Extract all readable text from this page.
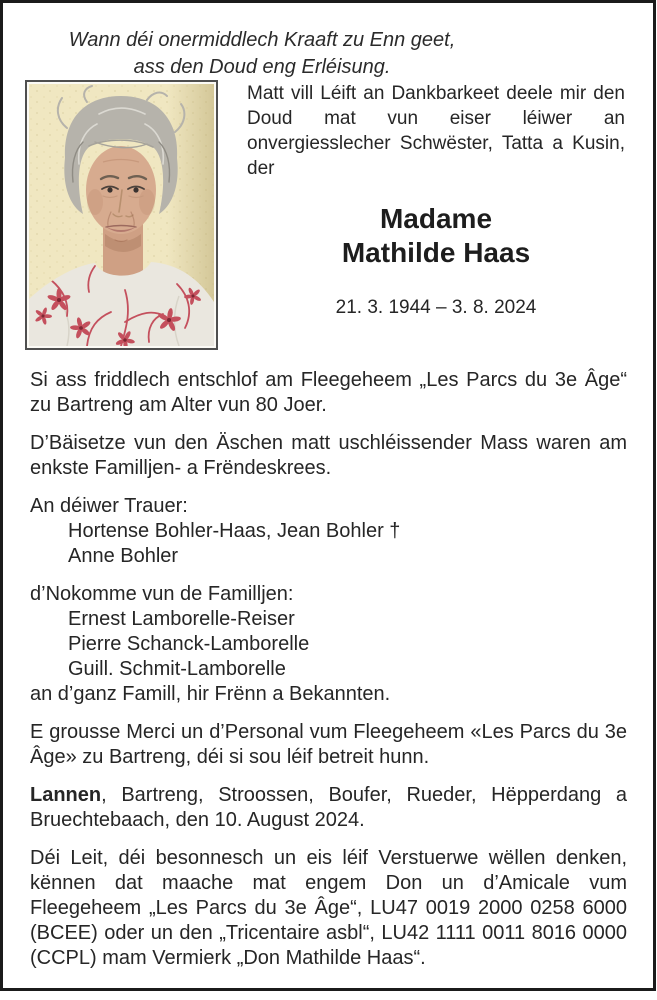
Wann déi onermiddlech Kraaft zu Enn geet,
ass den Doud eng Erléisung.

Matt vill Léift an Dankbarkeet deele mir den Doud mat vun eiser léiwer an onvergiesslecher Schwëster, Tatta a Kusin, der

Madame
Mathilde Haas
21. 3. 1944 – 3. 8. 2024

Si ass friddlech entschlof am Fleegeheem „Les Parcs du 3e Âge“ zu Bartreng am Alter vun 80 Joer.

D’Bäisetze vun den Äschen matt uschléissender Mass waren am enkste Familljen- a Frëndeskrees.

An déiwer Trauer:
Hortense Bohler-Haas, Jean Bohler †
Anne Bohler
d’Nokomme vun de Familljen:
Ernest Lamborelle-Reiser
Pierre Schanck-Lamborelle
Guill. Schmit-Lamborelle
an d’ganz Famill, hir Frënn a Bekannten.

E grousse Merci un d’Personal vum Fleegeheem «Les Parcs du 3e Âge» zu Bartreng, déi si sou léif betreit hunn.

Lannen, Bartreng, Stroossen, Boufer, Rueder, Hëpperdang a Bruechtebaach, den 10. August 2024.

Déi Leit, déi besonnesch un eis léif Verstuerwe wëllen denken, kënnen dat maache mat engem Don un d’Amicale vum Fleegeheem „Les Parcs du 3e Âge“, LU47 0019 2000 0258 6000 (BCEE) oder un den „Tricentaire asbl“, LU42 1111 0011 8016 0000 (CCPL) mam Vermierk „Don Mathilde Haas“.
